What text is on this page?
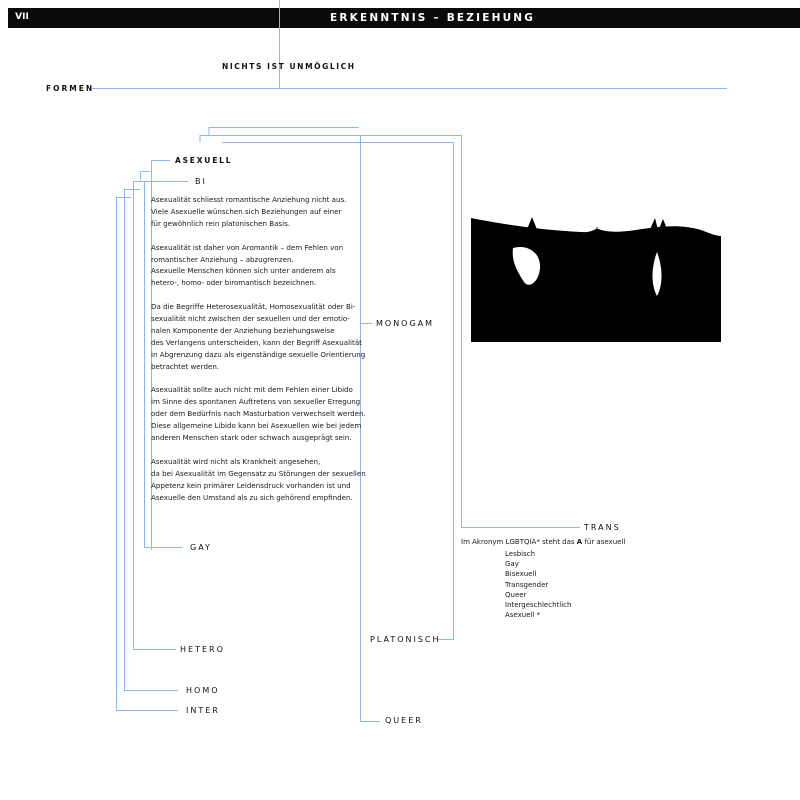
VII	ERKENNTNIS – BEZIEHUNG
NICHTS IST UNMÖGLICH
FORMEN
ASEXUELL
BI
GAY
HETERO
HOMO
INTER
MONOGAM
TRANS
PLATONISCH
QUEER

Asexualität schliesst romantische Anziehung nicht aus.
Viele Asexuelle wünschen sich Beziehungen auf einer
für gewöhnlich rein platonischen Basis.

Asexualität ist daher von Aromantik – dem Fehlen von
romantischer Anziehung – abzugrenzen.
Asexuelle Menschen können sich unter anderem als
hetero-, homo- oder biromantisch bezeichnen.

Da die Begriffe Heterosexualität, Homosexualität oder Bi-
sexualität nicht zwischen der sexuellen und der emotio-
nalen Komponente der Anziehung beziehungsweise
des Verlangens unterscheiden, kann der Begriff Asexualität
in Abgrenzung dazu als eigenständige sexuelle Orientierung
betrachtet werden.

Asexualität sollte auch nicht mit dem Fehlen einer Libido
im Sinne des spontanen Auftretens von sexueller Erregung
oder dem Bedürfnis nach Masturbation verwechselt werden.
Diese allgemeine Libido kann bei Asexuellen wie bei jedem
anderen Menschen stark oder schwach ausgeprägt sein.

Asexualität wird nicht als Krankheit angesehen,
da bei Asexualität im Gegensatz zu Störungen der sexuellen
Appetenz kein primärer Leidensdruck vorhanden ist und
Asexuelle den Umstand als zu sich gehörend empfinden.

Im Akronym LGBTQIA* steht das A für asexuell
Lesbisch
Gay
Bisexuell
Transgender
Queer
Intergeschlechtlich
Asexuell *
